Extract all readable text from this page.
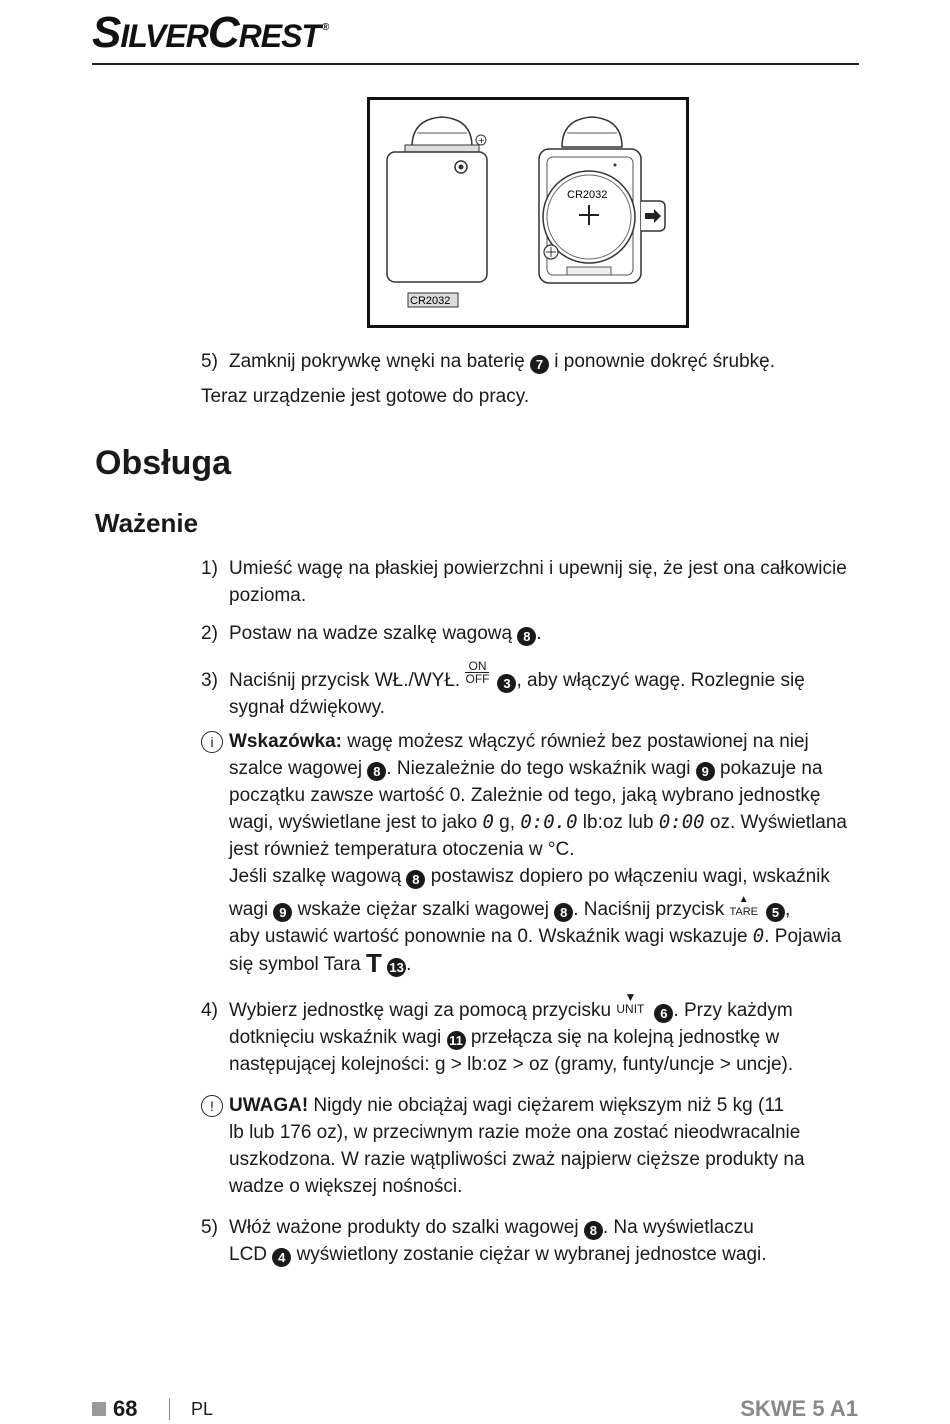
SILVERCREST ®
+
CR2032
CR2032
5) Zamknij pokrywkę wnęki na baterię 7 i ponownie dokręć śrubkę.
Teraz urządzenie jest gotowe do pracy.
Obsługa
Ważenie
1) Umieść wagę na płaskiej powierzchni i upewnij się, że jest ona całkowicie
pozioma.
2) Postaw na wadze szalkę wagową 8 .
3) Naciśnij przycisk WŁ./WYŁ.
ON
OFF 3 , aby włączyć wagę. Rozlegnie się
sygnał dźwiękowy.
i Wskazówka: wagę możesz włączyć również bez postawionej na niej
szalce wagowej 8 . Niezależnie do tego wskaźnik wagi 9 pokazuje na
początku zawsze wartość 0. Zależnie od tego, jaką wybrano jednostkę
wagi, wyświetlane jest to jako 0 g, 0:0.0 lb:oz lub 0:00 oz. Wyświetlana
jest również temperatura otoczenia w °C.
Jeśli szalkę wagową 8 postawisz dopiero po włączeniu wagi, wskaźnik
wagi 9 wskaże ciężar szalki wagowej 8 . Naciśnij przycisk ▲
TARE 5 ,
aby ustawić wartość ponownie na 0. Wskaźnik wagi wskazuje 0. Pojawia
się symbol Tara T 13 .
4) Wybierz jednostkę wagi za pomocą przycisku
▼
UNIT 6 . Przy każdym
dotknięciu wskaźnik wagi 11 przełącza się na kolejną jednostkę w
następującej kolejności: g > lb:oz > oz (gramy, funty/uncje > uncje).
! UWAGA! Nigdy nie obciążaj wagi ciężarem większym niż 5 kg (11
lb lub 176 oz), w przeciwnym razie może ona zostać nieodwracalnie
uszkodzona. W razie wątpliwości zważ najpierw cięższe produkty na
wadze o większej nośności.
5) Włóż ważone produkty do szalki wagowej 8 . Na wyświetlaczu
LCD 4 wyświetlony zostanie ciężar w wybranej jednostce wagi.
68	PL	SKWE 5 A1
